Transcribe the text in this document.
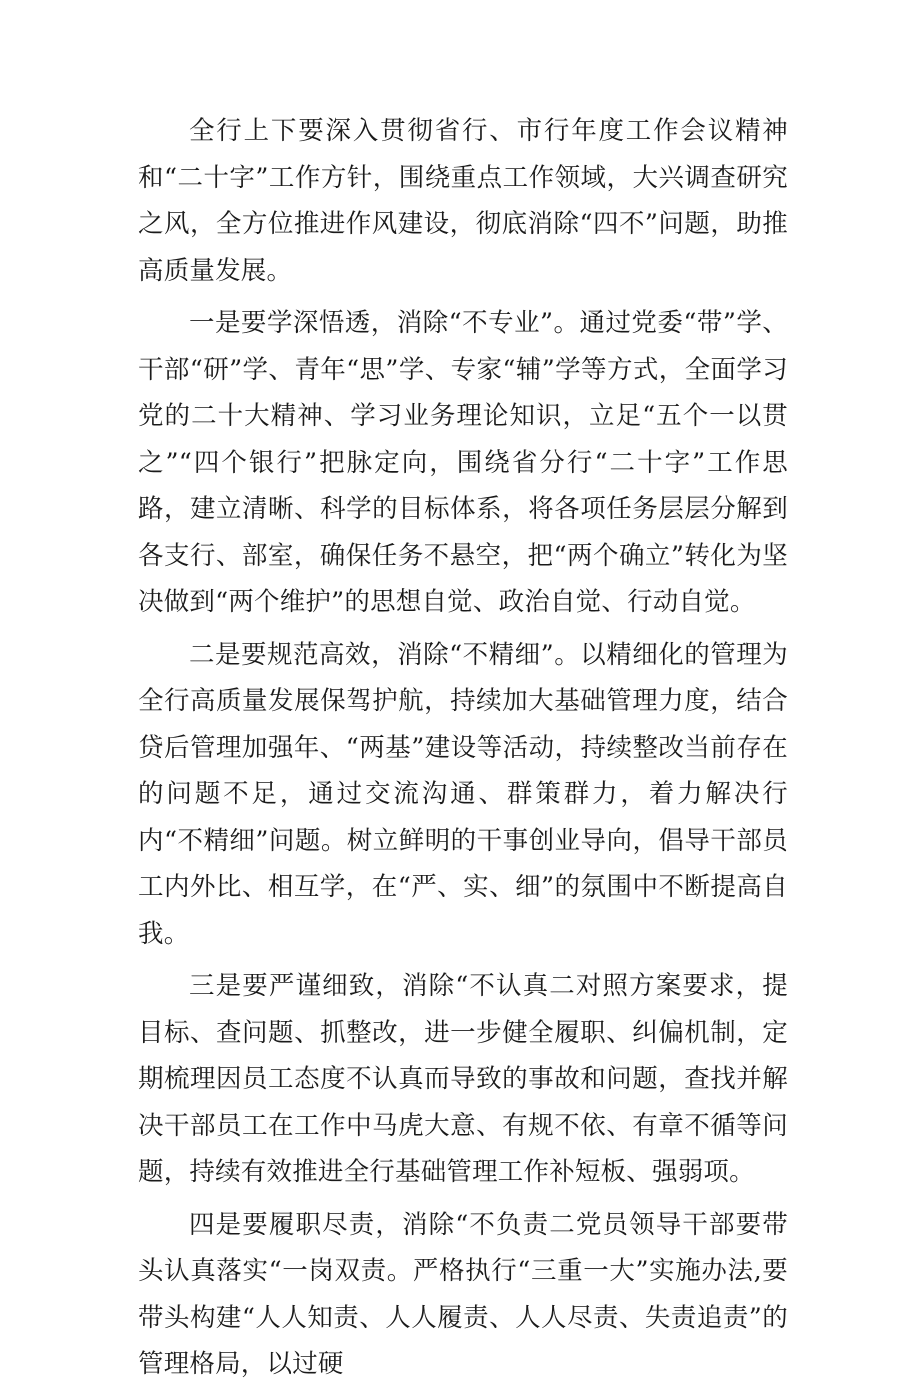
全行上下要深入贯彻省行、市行年度工作会议精神和“二十字”工作方针，围绕重点工作领域，大兴调查研究之风，全方位推进作风建设，彻底消除“四不”问题，助推高质量发展。

一是要学深悟透，消除“不专业”。通过党委“带”学、干部“研”学、青年“思”学、专家“辅”学等方式，全面学习党的二十大精神、学习业务理论知识，立足“五个一以贯之”“四个银行”把脉定向，围绕省分行“二十字”工作思路，建立清晰、科学的目标体系，将各项任务层层分解到各支行、部室，确保任务不悬空，把“两个确立”转化为坚决做到“两个维护”的思想自觉、政治自觉、行动自觉。

二是要规范高效，消除“不精细”。以精细化的管理为全行高质量发展保驾护航，持续加大基础管理力度，结合贷后管理加强年、“两基”建设等活动，持续整改当前存在的问题不足，通过交流沟通、群策群力，着力解决行内“不精细”问题。树立鲜明的干事创业导向，倡导干部员工内外比、相互学，在“严、实、细”的氛围中不断提高自我。

三是要严谨细致，消除“不认真二对照方案要求，提目标、查问题、抓整改，进一步健全履职、纠偏机制，定期梳理因员工态度不认真而导致的事故和问题，查找并解决干部员工在工作中马虎大意、有规不依、有章不循等问题，持续有效推进全行基础管理工作补短板、强弱项。

四是要履职尽责，消除“不负责二党员领导干部要带头认真落实“一岗双责。严格执行“三重一大”实施办法,要带头构建“人人知责、人人履责、人人尽责、失责追责”的管理格局，以过硬
